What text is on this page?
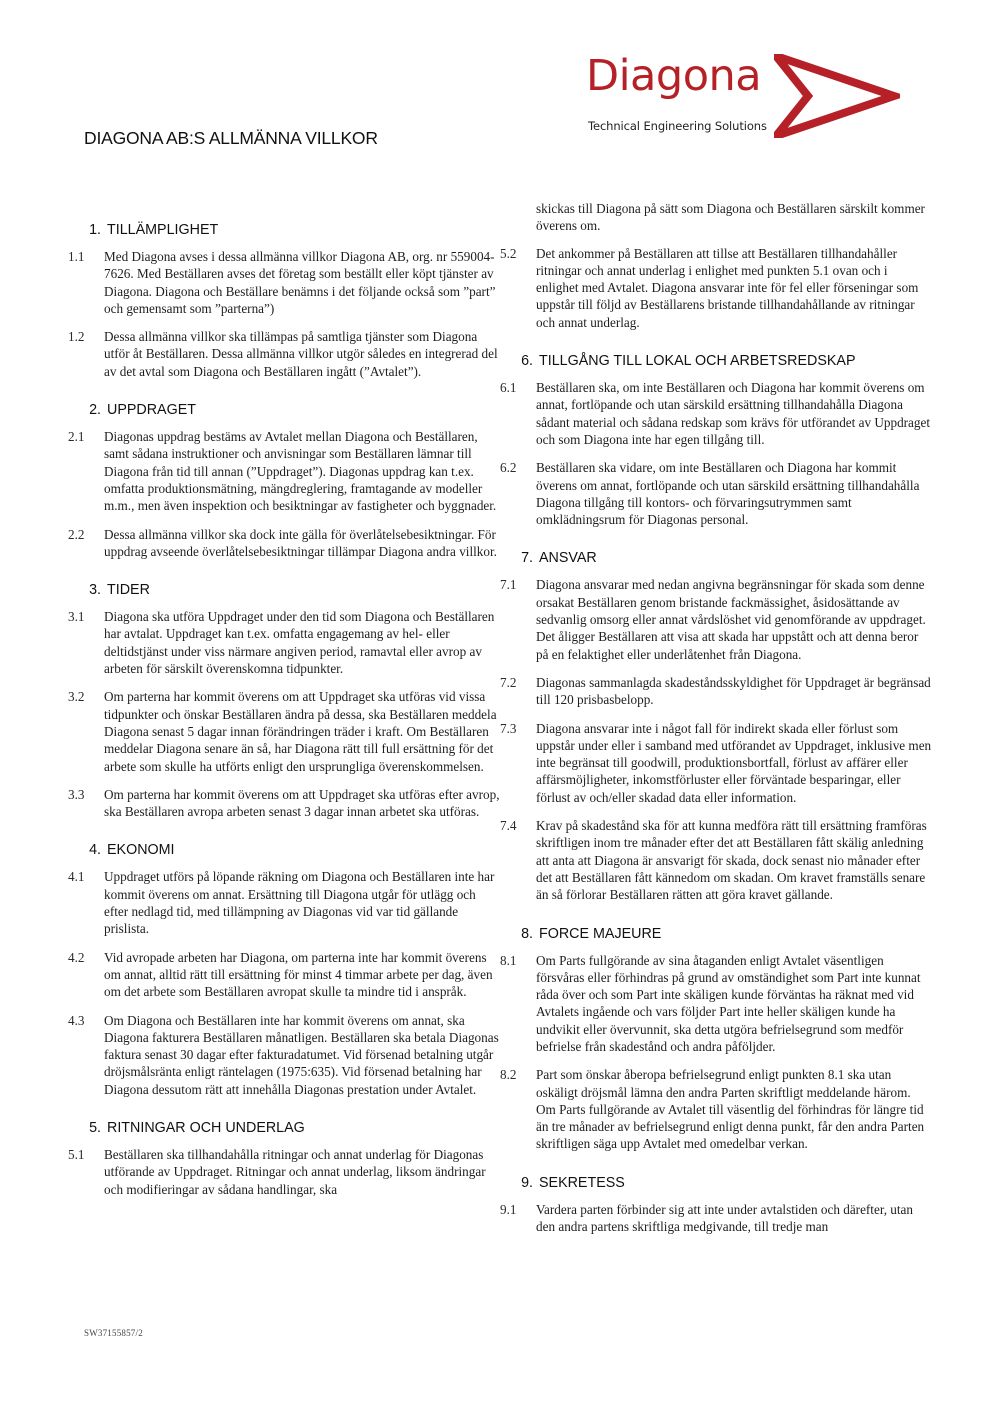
Diagona
Technical Engineering Solutions
DIAGONA AB:S ALLMÄNNA VILLKOR
1. TILLÄMPLIGHET
1.1	Med Diagona avses i dessa allmänna villkor Diagona AB, org. nr 559004-7626. Med Beställaren avses det företag som beställt eller köpt tjänster av Diagona. Diagona och Beställare benämns i det följande också som ”part” och gemensamt som ”parterna”)
1.2	Dessa allmänna villkor ska tillämpas på samtliga tjänster som Diagona utför åt Beställaren. Dessa allmänna villkor utgör således en integrerad del av det avtal som Diagona och Beställaren ingått (”Avtalet”).
2. UPPDRAGET
2.1	Diagonas uppdrag bestäms av Avtalet mellan Diagona och Beställaren, samt sådana instruktioner och anvisningar som Beställaren lämnar till Diagona från tid till annan (”Uppdraget”). Diagonas uppdrag kan t.ex. omfatta produktionsmätning, mängdreglering, framtagande av modeller m.m., men även inspektion och besiktningar av fastigheter och byggnader.
2.2	Dessa allmänna villkor ska dock inte gälla för överlåtelsebesiktningar. För uppdrag avseende överlåtelsebesiktningar tillämpar Diagona andra villkor.
3. TIDER
3.1	Diagona ska utföra Uppdraget under den tid som Diagona och Beställaren har avtalat. Uppdraget kan t.ex. omfatta engagemang av hel- eller deltidstjänst under viss närmare angiven period, ramavtal eller avrop av arbeten för särskilt överenskomna tidpunkter.
3.2	Om parterna har kommit överens om att Uppdraget ska utföras vid vissa tidpunkter och önskar Beställaren ändra på dessa, ska Beställaren meddela Diagona senast 5 dagar innan förändringen träder i kraft. Om Beställaren meddelar Diagona senare än så, har Diagona rätt till full ersättning för det arbete som skulle ha utförts enligt den ursprungliga överenskommelsen.
3.3	Om parterna har kommit överens om att Uppdraget ska utföras efter avrop, ska Beställaren avropa arbeten senast 3 dagar innan arbetet ska utföras.
4. EKONOMI
4.1	Uppdraget utförs på löpande räkning om Diagona och Beställaren inte har kommit överens om annat. Ersättning till Diagona utgår för utlägg och efter nedlagd tid, med tillämpning av Diagonas vid var tid gällande prislista.
4.2	Vid avropade arbeten har Diagona, om parterna inte har kommit överens om annat, alltid rätt till ersättning för minst 4 timmar arbete per dag, även om det arbete som Beställaren avropat skulle ta mindre tid i anspråk.
4.3	Om Diagona och Beställaren inte har kommit överens om annat, ska Diagona fakturera Beställaren månatligen. Beställaren ska betala Diagonas faktura senast 30 dagar efter fakturadatumet. Vid försenad betalning utgår dröjsmålsränta enligt räntelagen (1975:635). Vid försenad betalning har Diagona dessutom rätt att innehålla Diagonas prestation under Avtalet.
5. RITNINGAR OCH UNDERLAG
5.1	Beställaren ska tillhandahålla ritningar och annat underlag för Diagonas utförande av Uppdraget. Ritningar och annat underlag, liksom ändringar och modifieringar av sådana handlingar, ska

skickas till Diagona på sätt som Diagona och Beställaren särskilt kommer överens om.

5.2	Det ankommer på Beställaren att tillse att Beställaren tillhandahåller ritningar och annat underlag i enlighet med punkten 5.1 ovan och i enlighet med Avtalet. Diagona ansvarar inte för fel eller förseningar som uppstår till följd av Beställarens bristande tillhandahållande av ritningar och annat underlag.
6. TILLGÅNG TILL LOKAL OCH ARBETSREDSKAP
6.1	Beställaren ska, om inte Beställaren och Diagona har kommit överens om annat, fortlöpande och utan särskild ersättning tillhandahålla Diagona sådant material och sådana redskap som krävs för utförandet av Uppdraget och som Diagona inte har egen tillgång till.
6.2	Beställaren ska vidare, om inte Beställaren och Diagona har kommit överens om annat, fortlöpande och utan särskild ersättning tillhandahålla Diagona tillgång till kontors- och förvaringsutrymmen samt omklädningsrum för Diagonas personal.
7. ANSVAR
7.1	Diagona ansvarar med nedan angivna begränsningar för skada som denne orsakat Beställaren genom bristande fackmässighet, åsidosättande av sedvanlig omsorg eller annat vårdslöshet vid genomförande av uppdraget. Det åligger Beställaren att visa att skada har uppstått och att denna beror på en felaktighet eller underlåtenhet från Diagona.
7.2	Diagonas sammanlagda skadeståndsskyldighet för Uppdraget är begränsad till 120 prisbasbelopp.
7.3	Diagona ansvarar inte i något fall för indirekt skada eller förlust som uppstår under eller i samband med utförandet av Uppdraget, inklusive men inte begränsat till goodwill, produktionsbortfall, förlust av affärer eller affärsmöjligheter, inkomstförluster eller förväntade besparingar, eller förlust av och/eller skadad data eller information.
7.4	Krav på skadestånd ska för att kunna medföra rätt till ersättning framföras skriftligen inom tre månader efter det att Beställaren fått skälig anledning att anta att Diagona är ansvarigt för skada, dock senast nio månader efter det att Beställaren fått kännedom om skadan. Om kravet framställs senare än så förlorar Beställaren rätten att göra kravet gällande.
8. FORCE MAJEURE
8.1	Om Parts fullgörande av sina åtaganden enligt Avtalet väsentligen försvåras eller förhindras på grund av omständighet som Part inte kunnat råda över och som Part inte skäligen kunde förväntas ha räknat med vid Avtalets ingående och vars följder Part inte heller skäligen kunde ha undvikit eller övervunnit, ska detta utgöra befrielsegrund som medför befrielse från skadestånd och andra påföljder.
8.2	Part som önskar åberopa befrielsegrund enligt punkten 8.1 ska utan oskäligt dröjsmål lämna den andra Parten skriftligt meddelande härom. Om Parts fullgörande av Avtalet till väsentlig del förhindras för längre tid än tre månader av befrielsegrund enligt denna punkt, får den andra Parten skriftligen säga upp Avtalet med omedelbar verkan.
9. SEKRETESS
9.1	Vardera parten förbinder sig att inte under avtalstiden och därefter, utan den andra partens skriftliga medgivande, till tredje man
SW37155857/2
